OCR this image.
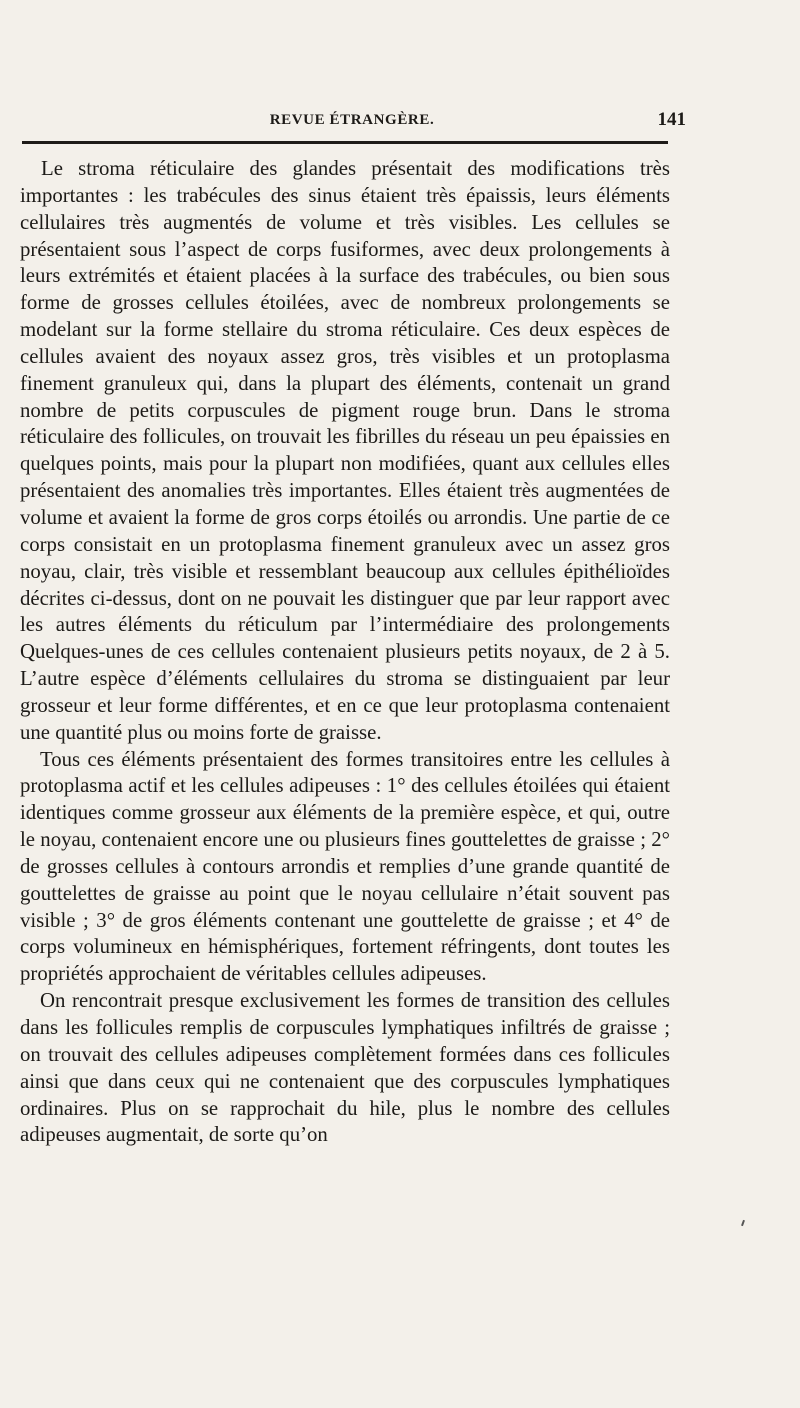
REVUE ÉTRANGÈRE.	141

Le stroma réticulaire des glandes présentait des modifications très importantes : les trabécules des sinus étaient très épaissis, leurs éléments cellulaires très augmentés de volume et très visibles. Les cellules se présentaient sous l’aspect de corps fusiformes, avec deux prolongements à leurs extrémités et étaient placées à la surface des trabécules, ou bien sous forme de grosses cellules étoilées, avec de nombreux prolongements se modelant sur la forme stellaire du stroma réticulaire. Ces deux espèces de cellules avaient des noyaux assez gros, très visibles et un protoplasma finement granuleux qui, dans la plupart des éléments, contenait un grand nombre de petits corpuscules de pigment rouge brun. Dans le stroma réticulaire des follicules, on trouvait les fibrilles du réseau un peu épaissies en quelques points, mais pour la plupart non modifiées, quant aux cellules elles présentaient des anomalies très importantes. Elles étaient très augmentées de volume et avaient la forme de gros corps étoilés ou arrondis. Une partie de ce corps consistait en un protoplasma finement granuleux avec un assez gros noyau, clair, très visible et ressemblant beaucoup aux cellules épithélioïdes décrites ci-dessus, dont on ne pouvait les distinguer que par leur rapport avec les autres éléments du réticulum par l’intermédiaire des prolongements Quelques-unes de ces cellules contenaient plusieurs petits noyaux, de 2 à 5. L’autre espèce d’éléments cellulaires du stroma se distinguaient par leur grosseur et leur forme différentes, et en ce que leur protoplasma contenaient une quantité plus ou moins forte de graisse.

Tous ces éléments présentaient des formes transitoires entre les cellules à protoplasma actif et les cellules adipeuses : 1° des cellules étoilées qui étaient identiques comme grosseur aux éléments de la première espèce, et qui, outre le noyau, contenaient encore une ou plusieurs fines gouttelettes de graisse ; 2° de grosses cellules à contours arrondis et remplies d’une grande quantité de gouttelettes de graisse au point que le noyau cellulaire n’était souvent pas visible ; 3° de gros éléments contenant une gouttelette de graisse ; et 4° de corps volumineux en hémisphériques, fortement réfringents, dont toutes les propriétés approchaient de véritables cellules adipeuses.

On rencontrait presque exclusivement les formes de transition des cellules dans les follicules remplis de corpuscules lymphatiques infiltrés de graisse ; on trouvait des cellules adipeuses complètement formées dans ces follicules ainsi que dans ceux qui ne contenaient que des corpuscules lymphatiques ordinaires. Plus on se rapprochait du hile, plus le nombre des cellules adipeuses augmentait, de sorte qu’on
